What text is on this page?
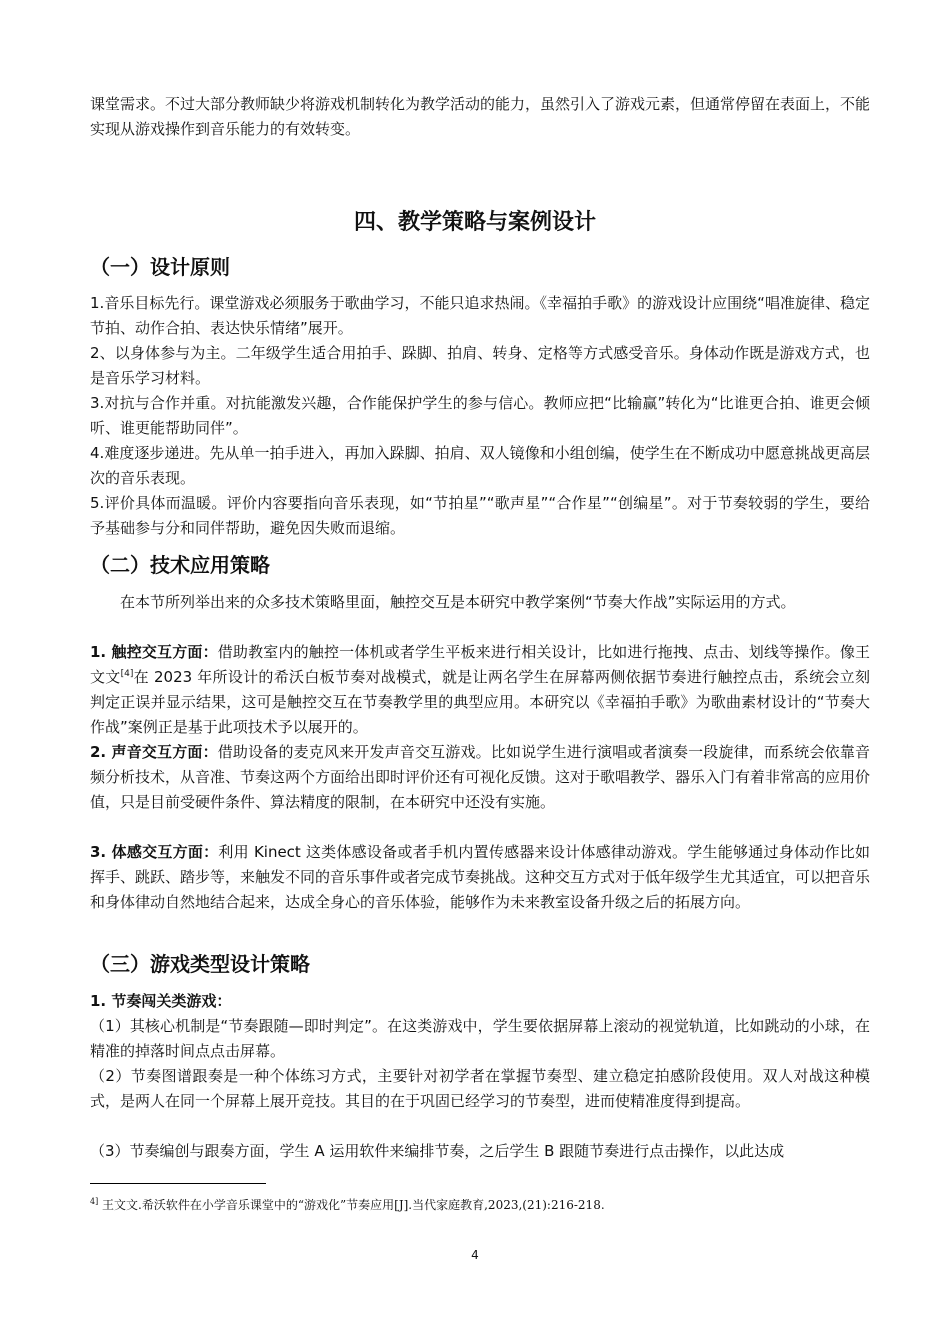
课堂需求。不过大部分教师缺少将游戏机制转化为教学活动的能力，虽然引入了游戏元素，但通常停留在表面上，不能实现从游戏操作到音乐能力的有效转变。

四、教学策略与案例设计
（一）设计原则

1.音乐目标先行。课堂游戏必须服务于歌曲学习，不能只追求热闹。《幸福拍手歌》的游戏设计应围绕“唱准旋律、稳定节拍、动作合拍、表达快乐情绪”展开。

2、以身体参与为主。二年级学生适合用拍手、跺脚、拍肩、转身、定格等方式感受音乐。身体动作既是游戏方式，也是音乐学习材料。

3.对抗与合作并重。对抗能激发兴趣，合作能保护学生的参与信心。教师应把“比输赢”转化为“比谁更合拍、谁更会倾听、谁更能帮助同伴”。

4.难度逐步递进。先从单一拍手进入，再加入跺脚、拍肩、双人镜像和小组创编，使学生在不断成功中愿意挑战更高层次的音乐表现。

5.评价具体而温暖。评价内容要指向音乐表现，如“节拍星”“歌声星”“合作星”“创编星”。对于节奏较弱的学生，要给予基础参与分和同伴帮助，避免因失败而退缩。

（二）技术应用策略

在本节所列举出来的众多技术策略里面，触控交互是本研究中教学案例“节奏大作战”实际运用的方式。

1. 触控交互方面：借助教室内的触控一体机或者学生平板来进行相关设计，比如进行拖拽、点击、划线等操作。像王文文[4]在 2023 年所设计的希沃白板节奏对战模式，就是让两名学生在屏幕两侧依据节奏进行触控点击，系统会立刻判定正误并显示结果，这可是触控交互在节奏教学里的典型应用。本研究以《幸福拍手歌》为歌曲素材设计的“节奏大作战”案例正是基于此项技术予以展开的。

2. 声音交互方面：借助设备的麦克风来开发声音交互游戏。比如说学生进行演唱或者演奏一段旋律，而系统会依靠音频分析技术，从音准、节奏这两个方面给出即时评价还有可视化反馈。这对于歌唱教学、器乐入门有着非常高的应用价值，只是目前受硬件条件、算法精度的限制，在本研究中还没有实施。

3. 体感交互方面：利用 Kinect 这类体感设备或者手机内置传感器来设计体感律动游戏。学生能够通过身体动作比如挥手、跳跃、踏步等，来触发不同的音乐事件或者完成节奏挑战。这种交互方式对于低年级学生尤其适宜，可以把音乐和身体律动自然地结合起来，达成全身心的音乐体验，能够作为未来教室设备升级之后的拓展方向。

（三）游戏类型设计策略

1. 节奏闯关类游戏：

（1）其核心机制是“节奏跟随—即时判定”。在这类游戏中，学生要依据屏幕上滚动的视觉轨道，比如跳动的小球，在精准的掉落时间点点击屏幕。

（2）节奏图谱跟奏是一种个体练习方式，主要针对初学者在掌握节奏型、建立稳定拍感阶段使用。双人对战这种模式，是两人在同一个屏幕上展开竞技。其目的在于巩固已经学习的节奏型，进而使精准度得到提高。

（3）节奏编创与跟奏方面，学生 A 运用软件来编排节奏，之后学生 B 跟随节奏进行点击操作，以此达成

$^{4]}$ 王文文.希沃软件在小学音乐课堂中的“游戏化”节奏应用[J].当代家庭教育,2023,(21):216-218.
4
